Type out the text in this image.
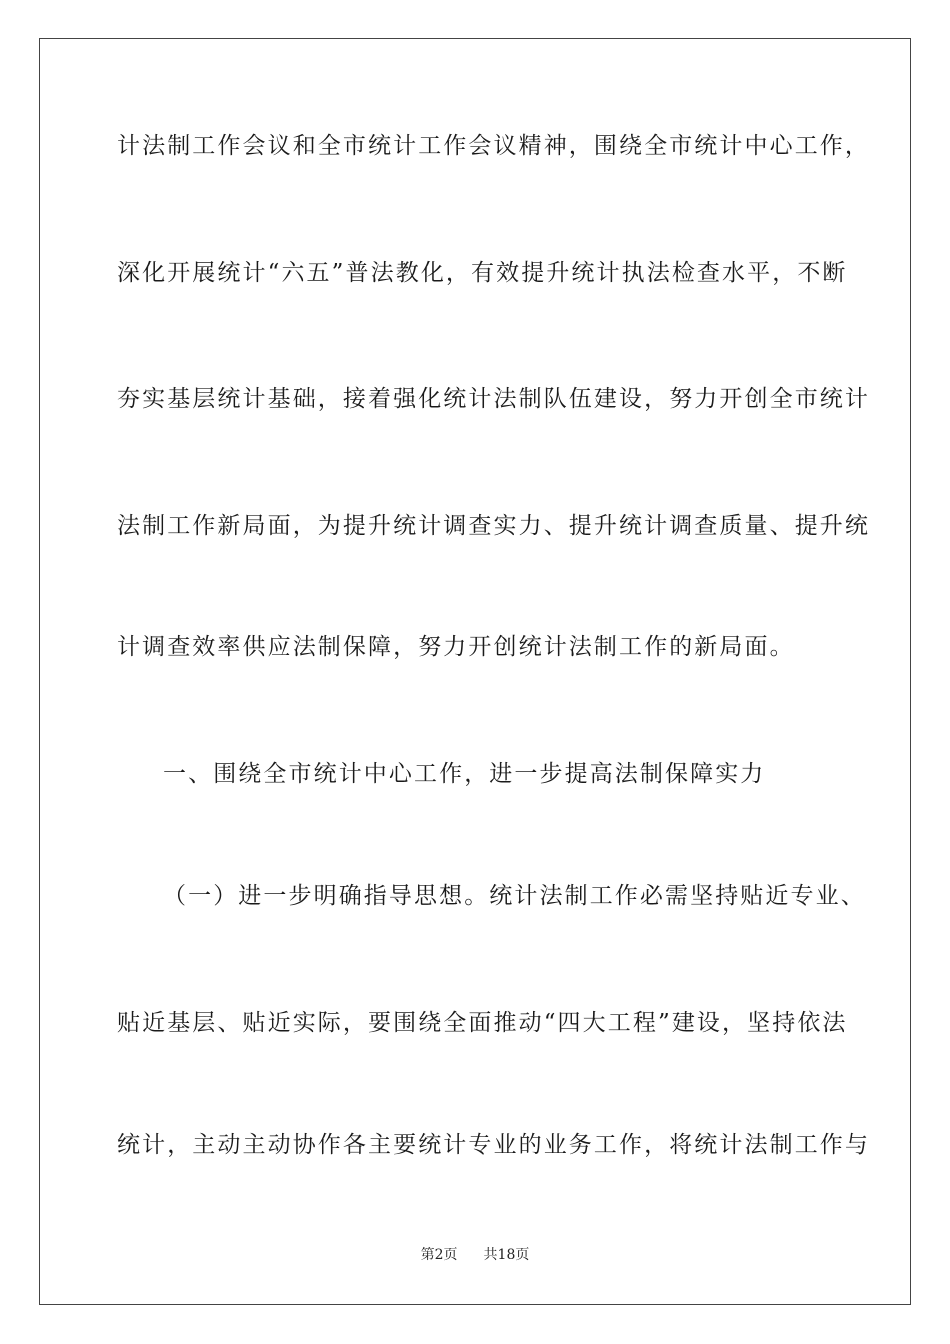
计法制工作会议和全市统计工作会议精神，围绕全市统计中心工作，
深化开展统计“六五”普法教化，有效提升统计执法检查水平，不断
夯实基层统计基础，接着强化统计法制队伍建设，努力开创全市统计
法制工作新局面，为提升统计调查实力、提升统计调查质量、提升统
计调查效率供应法制保障，努力开创统计法制工作的新局面。
一、围绕全市统计中心工作，进一步提高法制保障实力
（一）进一步明确指导思想。统计法制工作必需坚持贴近专业、
贴近基层、贴近实际，要围绕全面推动“四大工程”建设，坚持依法
统计，主动主动协作各主要统计专业的业务工作，将统计法制工作与
第2页 共18页
